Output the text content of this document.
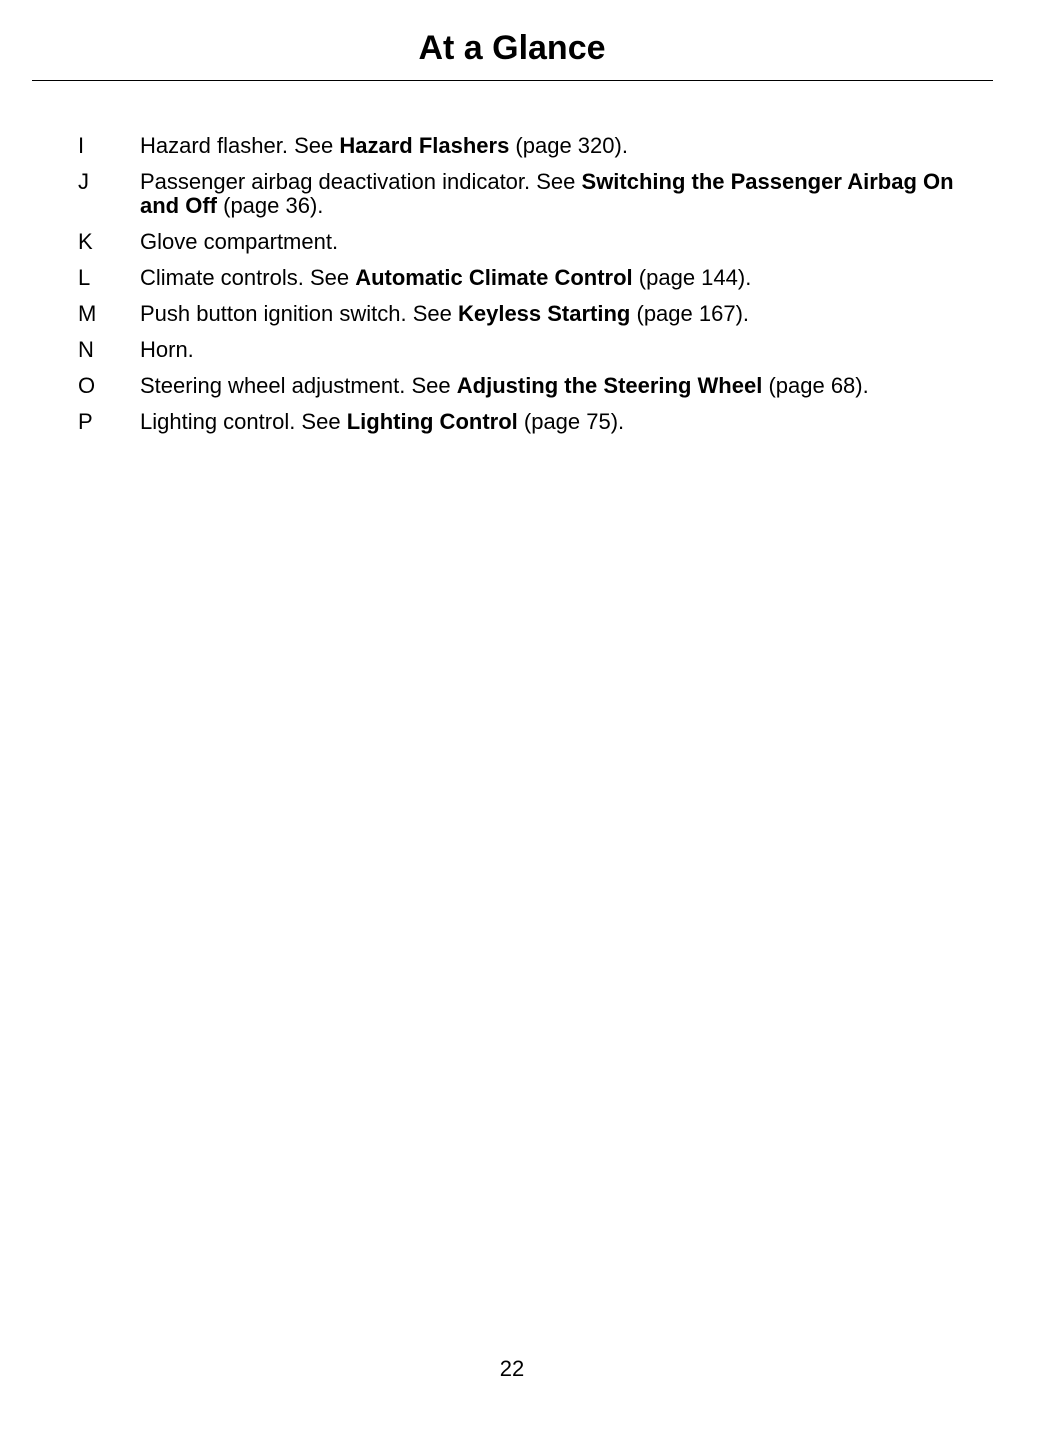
At a Glance
I	Hazard flasher. See Hazard Flashers (page 320).
J	Passenger airbag deactivation indicator. See Switching the Passenger Airbag On and Off (page 36).
K	Glove compartment.
L	Climate controls. See Automatic Climate Control (page 144).
M	Push button ignition switch. See Keyless Starting (page 167).
N	Horn.
O	Steering wheel adjustment. See Adjusting the Steering Wheel (page 68).
P	Lighting control. See Lighting Control (page 75).
22
